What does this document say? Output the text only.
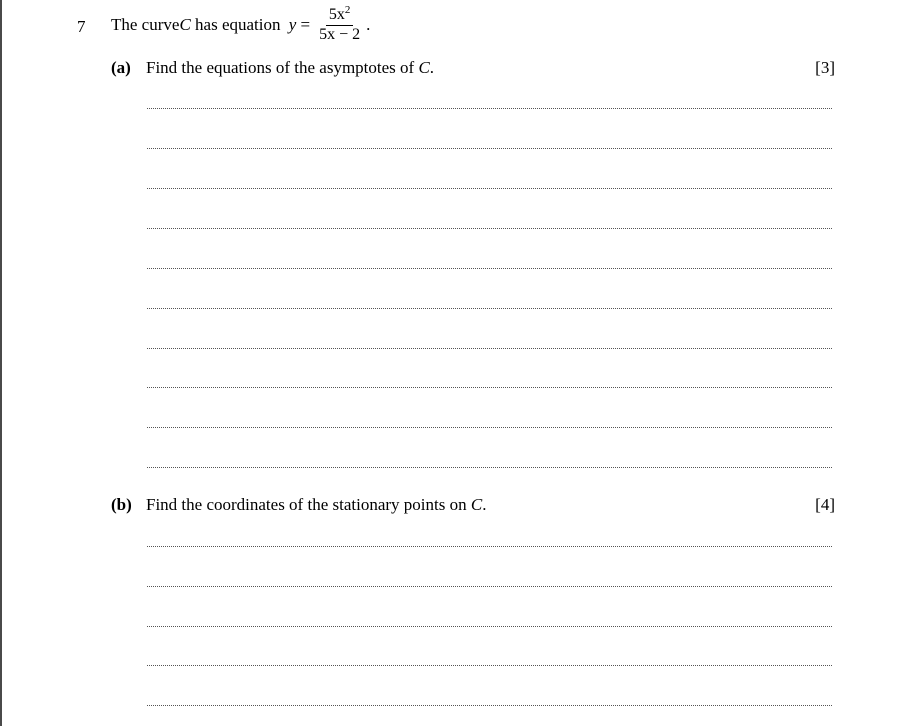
7 The curve C has equation $y = \frac{5x^2}{5x - 2}$ .
(a) Find the equations of the asymptotes of C.	[3]
(b) Find the coordinates of the stationary points on C.	[4]
